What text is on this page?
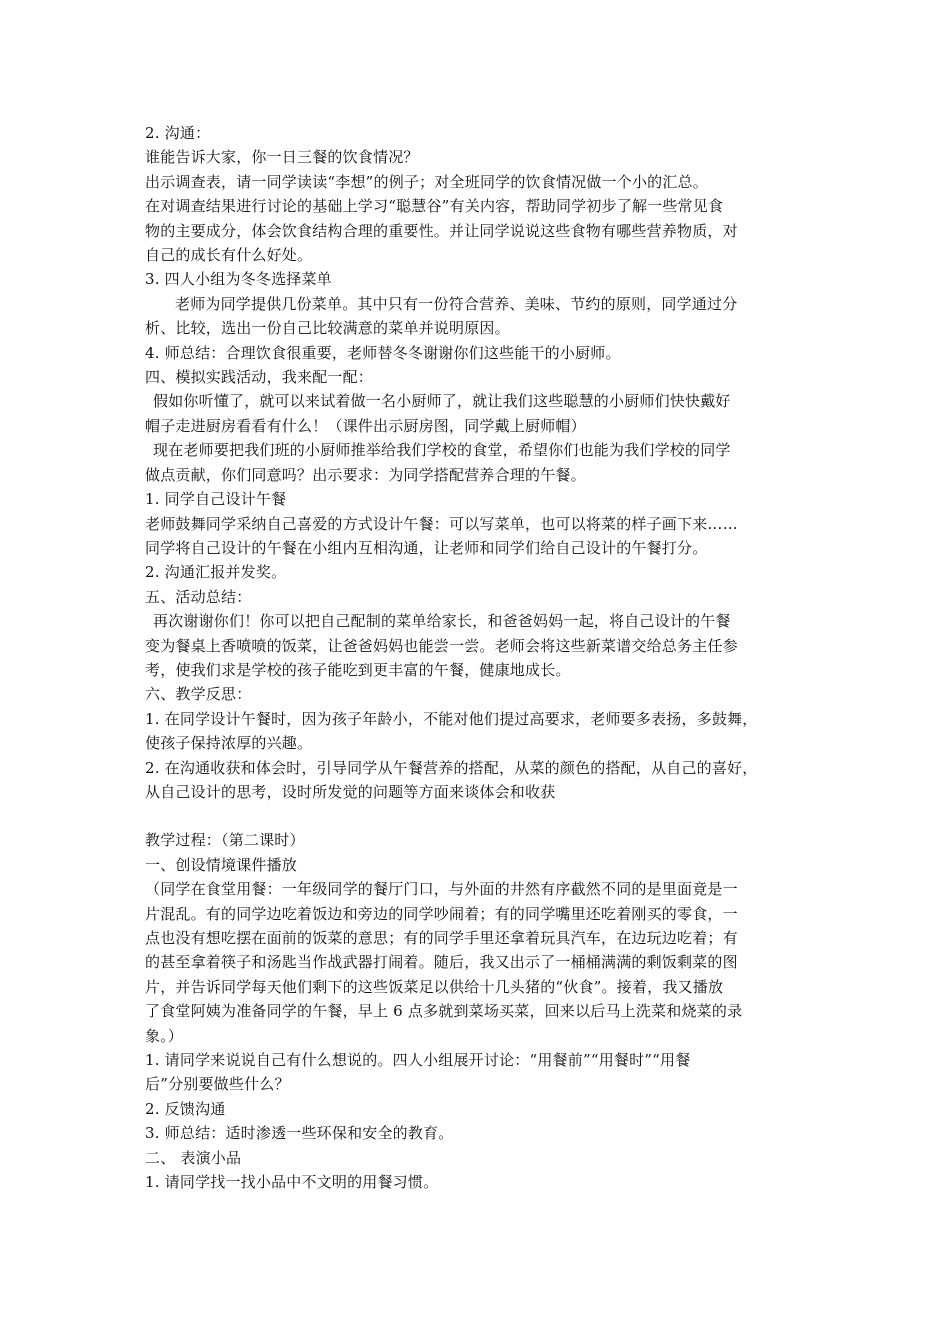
2. 沟通：

谁能告诉大家，你一日三餐的饮食情况？

出示调查表，请一同学读读“李想”的例子；对全班同学的饮食情况做一个小的汇总。

在对调查结果进行讨论的基础上学习“聪慧谷”有关内容，帮助同学初步了解一些常见食

物的主要成分，体会饮食结构合理的重要性。并让同学说说这些食物有哪些营养物质，对

自己的成长有什么好处。

3. 四人小组为冬冬选择菜单

老师为同学提供几份菜单。其中只有一份符合营养、美味、节约的原则，同学通过分

析、比较，选出一份自己比较满意的菜单并说明原因。

4. 师总结：合理饮食很重要，老师替冬冬谢谢你们这些能干的小厨师。

四、模拟实践活动，我来配一配：

假如你听懂了，就可以来试着做一名小厨师了，就让我们这些聪慧的小厨师们快快戴好

帽子走进厨房看看有什么！（课件出示厨房图，同学戴上厨师帽）

现在老师要把我们班的小厨师推举给我们学校的食堂，希望你们也能为我们学校的同学

做点贡献，你们同意吗？出示要求：为同学搭配营养合理的午餐。

1. 同学自己设计午餐

老师鼓舞同学采纳自己喜爱的方式设计午餐：可以写菜单，也可以将菜的样子画下来……

同学将自己设计的午餐在小组内互相沟通，让老师和同学们给自己设计的午餐打分。

2. 沟通汇报并发奖。

五、活动总结：

再次谢谢你们！你可以把自己配制的菜单给家长，和爸爸妈妈一起，将自己设计的午餐

变为餐桌上香喷喷的饭菜，让爸爸妈妈也能尝一尝。老师会将这些新菜谱交给总务主任参

考，使我们求是学校的孩子能吃到更丰富的午餐，健康地成长。

六、教学反思：

1. 在同学设计午餐时，因为孩子年龄小，不能对他们提过高要求，老师要多表扬，多鼓舞，

使孩子保持浓厚的兴趣。

2. 在沟通收获和体会时，引导同学从午餐营养的搭配，从菜的颜色的搭配，从自己的喜好，

从自己设计的思考，设时所发觉的问题等方面来谈体会和收获

教学过程：（第二课时）

一、创设情境课件播放

（同学在食堂用餐：一年级同学的餐厅门口，与外面的井然有序截然不同的是里面竟是一

片混乱。有的同学边吃着饭边和旁边的同学吵闹着；有的同学嘴里还吃着刚买的零食，一

点也没有想吃摆在面前的饭菜的意思；有的同学手里还拿着玩具汽车，在边玩边吃着；有

的甚至拿着筷子和汤匙当作战武器打闹着。随后，我又出示了一桶桶满满的剩饭剩菜的图

片，并告诉同学每天他们剩下的这些饭菜足以供给十几头猪的“伙食”。接着，我又播放

了食堂阿姨为准备同学的午餐，早上 6 点多就到菜场买菜，回来以后马上洗菜和烧菜的录

象。）

1. 请同学来说说自己有什么想说的。四人小组展开讨论：“用餐前”“用餐时”“用餐

后”分别要做些什么？

2. 反馈沟通

3. 师总结：适时渗透一些环保和安全的教育。

二、 表演小品

1. 请同学找一找小品中不文明的用餐习惯。
